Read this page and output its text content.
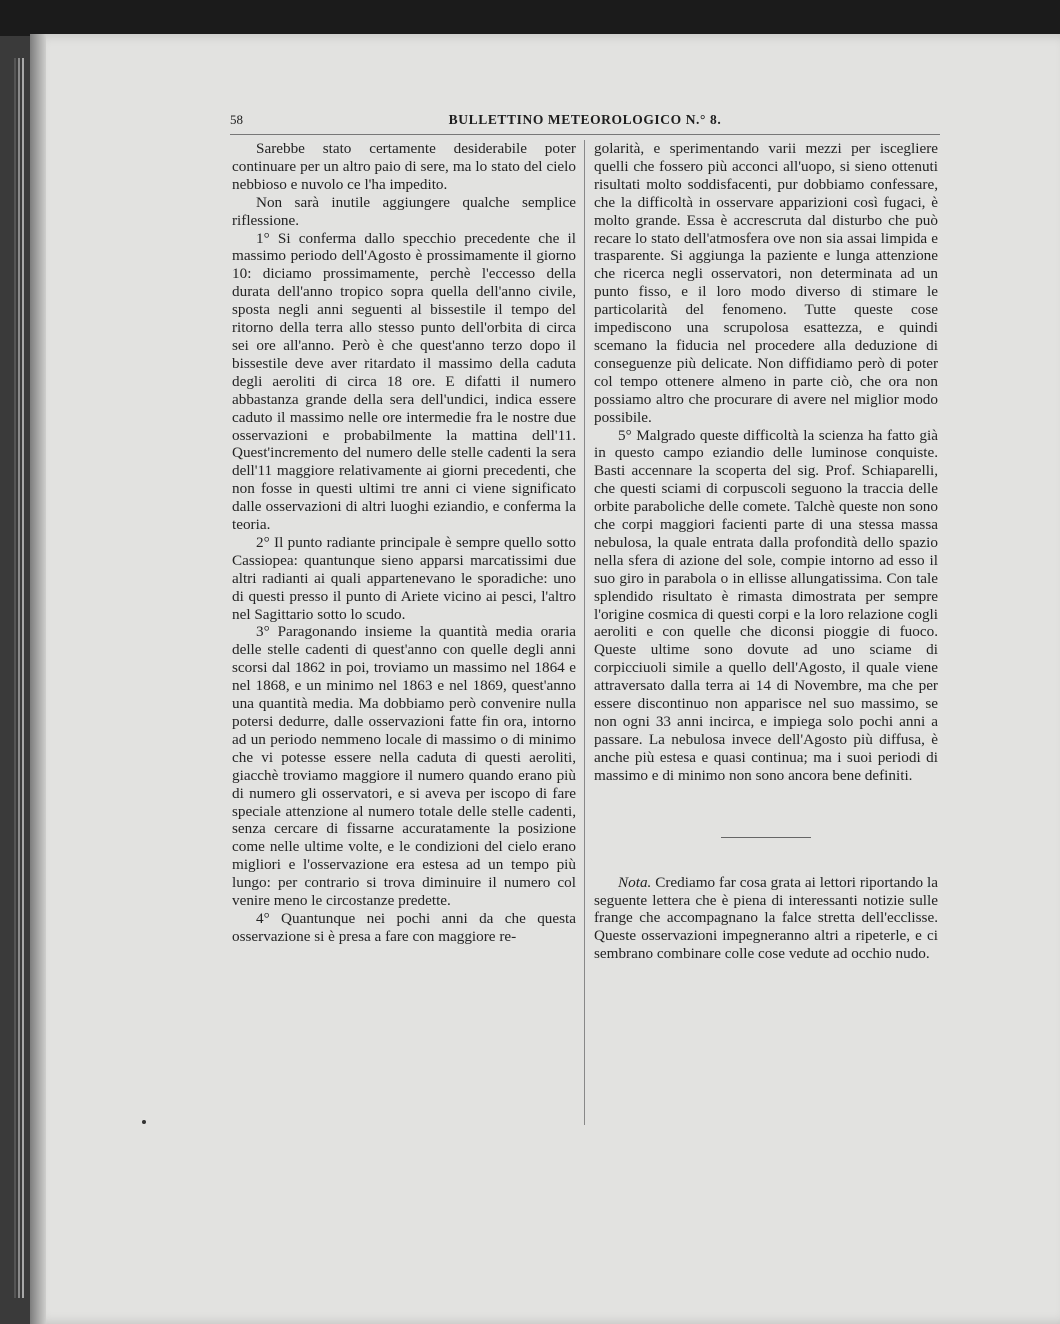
58	BULLETTINO METEOROLOGICO N.° 8.

Sarebbe stato certamente desiderabile poter continuare per un altro paio di sere, ma lo stato del cielo nebbioso e nuvolo ce l'ha impedito.

Non sarà inutile aggiungere qualche semplice riflessione.

1° Si conferma dallo specchio precedente che il massimo periodo dell'Agosto è prossimamente il giorno 10: diciamo prossimamente, perchè l'eccesso della durata dell'anno tropico sopra quella dell'anno civile, sposta negli anni seguenti al bissestile il tempo del ritorno della terra allo stesso punto dell'orbita di circa sei ore all'anno. Però è che quest'anno terzo dopo il bissestile deve aver ritardato il massimo della caduta degli aeroliti di circa 18 ore. E difatti il numero abbastanza grande della sera dell'undici, indica essere caduto il massimo nelle ore intermedie fra le nostre due osservazioni e probabilmente la mattina dell'11. Quest'incremento del numero delle stelle cadenti la sera dell'11 maggiore relativamente ai giorni precedenti, che non fosse in questi ultimi tre anni ci viene significato dalle osservazioni di altri luoghi eziandio, e conferma la teoria.

2° Il punto radiante principale è sempre quello sotto Cassiopea: quantunque sieno apparsi marcatissimi due altri radianti ai quali appartenevano le sporadiche: uno di questi presso il punto di Ariete vicino ai pesci, l'altro nel Sagittario sotto lo scudo.

3° Paragonando insieme la quantità media oraria delle stelle cadenti di quest'anno con quelle degli anni scorsi dal 1862 in poi, troviamo un massimo nel 1864 e nel 1868, e un minimo nel 1863 e nel 1869, quest'anno una quantità media. Ma dobbiamo però convenire nulla potersi dedurre, dalle osservazioni fatte fin ora, intorno ad un periodo nemmeno locale di massimo o di minimo che vi potesse essere nella caduta di questi aeroliti, giacchè troviamo maggiore il numero quando erano più di numero gli osservatori, e si aveva per iscopo di fare speciale attenzione al numero totale delle stelle cadenti, senza cercare di fissarne accuratamente la posizione come nelle ultime volte, e le condizioni del cielo erano migliori e l'osservazione era estesa ad un tempo più lungo: per contrario si trova diminuire il numero col venire meno le circostanze predette.

4° Quantunque nei pochi anni da che questa osservazione si è presa a fare con maggiore re-

golarità, e sperimentando varii mezzi per isceglierе quelli che fossero più acconci all'uopo, si sieno ottenuti risultati molto soddisfacenti, pur dobbiamo confessare, che la difficoltà in osservare apparizioni così fugaci, è molto grande. Essa è accrescruta dal disturbo che può recare lo stato dell'atmosfera ove non sia assai limpida e trasparente. Si aggiunga la paziente e lunga attenzione che ricerca negli osservatori, non determinata ad un punto fisso, e il loro modo diverso di stimare le particolarità del fenomeno. Tutte queste cose impediscono una scrupolosa esattezza, e quindi scemano la fiducia nel procedere alla deduzione di conseguenze più delicate. Non diffidiamo però di poter col tempo ottenere almeno in parte ciò, che ora non possiamo altro che procurare di avere nel miglior modo possibile.

5° Malgrado queste difficoltà la scienza ha fatto già in questo campo eziandio delle luminose conquiste. Basti accennare la scoperta del sig. Prof. Schiaparelli, che questi sciami di corpuscoli seguono la traccia delle orbite paraboliche delle comete. Talchè queste non sono che corpi maggiori facienti parte di una stessa massa nebulosa, la quale entrata dalla profondità dello spazio nella sfera di azione del sole, compie intorno ad esso il suo giro in parabola o in ellisse allungatissima. Con tale splendido risultato è rimasta dimostrata per sempre l'origine cosmica di questi corpi e la loro relazione cogli aeroliti e con quelle che diconsi pioggie di fuoco. Queste ultime sono dovute ad uno sciame di corpicciuoli simile a quello dell'Agosto, il quale viene attraversato dalla terra ai 14 di Novembre, ma che per essere discontinuo non apparisce nel suo massimo, se non ogni 33 anni incirca, e impiega solo pochi anni a passare. La nebulosa invece dell'Agosto più diffusa, è anche più estesa e quasi continua; ma i suoi periodi di massimo e di minimo non sono ancora bene definiti.

Nota. Crediamo far cosa grata ai lettori riportando la seguente lettera che è piena di interessanti notizie sulle frange che accompagnano la falce stretta dell'ecclisse. Queste osservazioni impegneranno altri a ripeterle, e ci sembrano combinare colle cose vedute ad occhio nudo.
